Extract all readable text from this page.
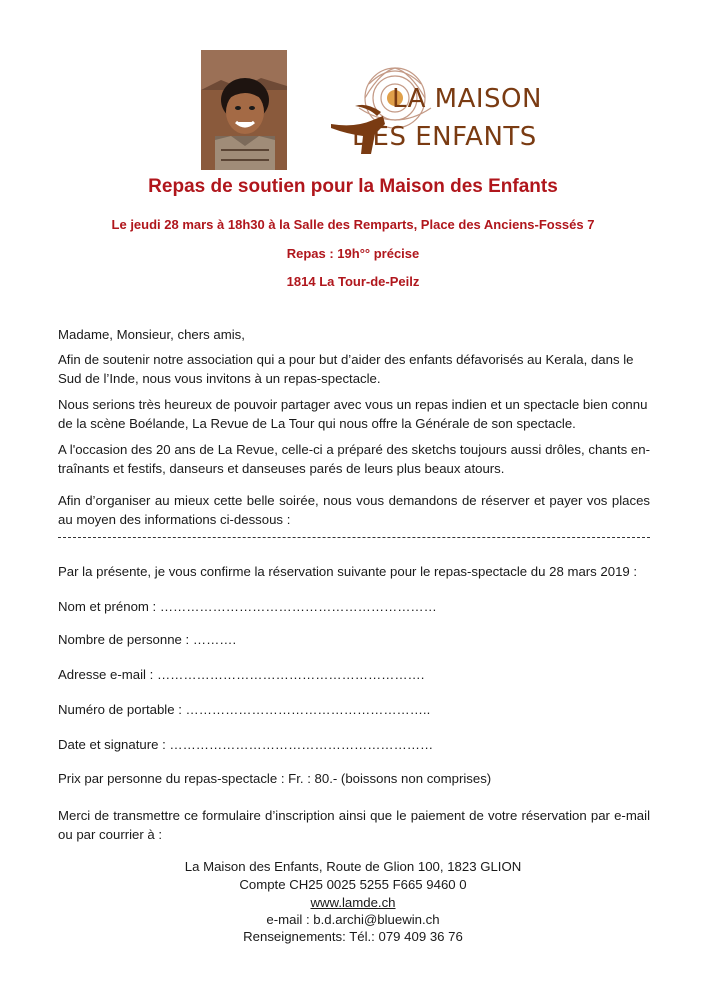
LA MAISON
DES ENFANTS
Repas de soutien pour la Maison des Enfants
Le jeudi 28 mars à 18h30 à la Salle des Remparts, Place des Anciens-Fossés 7
Repas : 19h°° précise
1814 La Tour-de-Peilz

Madame, Monsieur, chers amis,

Afin de soutenir notre association qui a pour but d’aider des enfants défavorisés au Kerala, dans le Sud de l’Inde, nous vous invitons à un repas-spectacle.

Nous serions très heureux de pouvoir partager avec vous un repas indien et un spectacle bien connu de la scène Boélande, La Revue de La Tour qui nous offre la Générale de son spectacle.

A l'occasion des 20 ans de La Revue, celle-ci a préparé des sketchs toujours aussi drôles, chants en-traînants et festifs, danseurs et danseuses parés de leurs plus beaux atours.

Afin d’organiser au mieux cette belle soirée, nous vous demandons de réserver et payer vos places au moyen des informations ci-dessous :

Par la présente, je vous confirme la réservation suivante pour le repas-spectacle du 28 mars 2019 :

Nom et prénom : ………………………………………………………
Nombre de personne : ……….
Adresse e-mail : …………………………………………………….
Numéro de portable : ………………………………………………..
Date et signature : ……………………………………………………
Prix par personne du repas-spectacle : Fr. : 80.- (boissons non comprises)

Merci de transmettre ce formulaire d’inscription ainsi que le paiement de votre réservation par e-mail ou par courrier à :

La Maison des Enfants, Route de Glion 100, 1823 GLION
Compte CH25 0025 5255 F665 9460 0
www.lamde.ch
e-mail : b.d.archi@bluewin.ch
Renseignements: Tél.: 079 409 36 76
